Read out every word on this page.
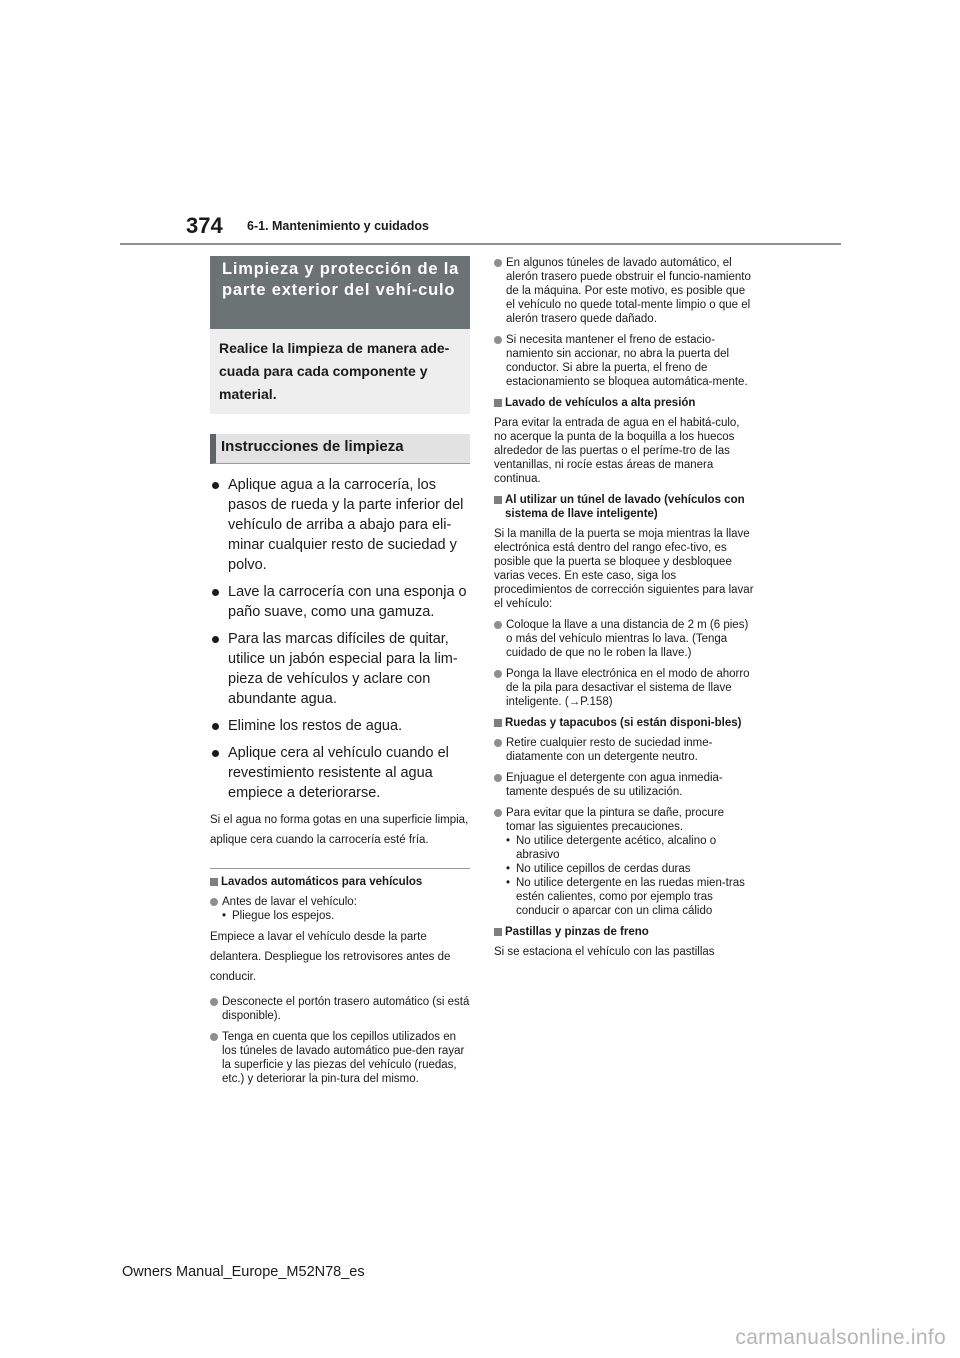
374 6-1. Mantenimiento y cuidados
Limpieza y protección de la parte exterior del vehí-culo
Realice la limpieza de manera ade-cuada para cada componente y material.
Instrucciones de limpieza
Aplique agua a la carrocería, los pasos de rueda y la parte inferior del vehículo de arriba a abajo para eli-minar cualquier resto de suciedad y polvo.
Lave la carrocería con una esponja o paño suave, como una gamuza.
Para las marcas difíciles de quitar, utilice un jabón especial para la lim-pieza de vehículos y aclare con abundante agua.
Elimine los restos de agua.
Aplique cera al vehículo cuando el revestimiento resistente al agua empiece a deteriorarse.
Si el agua no forma gotas en una superficie limpia, aplique cera cuando la carrocería esté fría.
Lavados automáticos para vehículos
Antes de lavar el vehículo:
• Pliegue los espejos.
Empiece a lavar el vehículo desde la parte delantera. Despliegue los retrovisores antes de conducir.
Desconecte el portón trasero automático (si está disponible).
Tenga en cuenta que los cepillos utilizados en los túneles de lavado automático pue-den rayar la superficie y las piezas del vehículo (ruedas, etc.) y deteriorar la pin-tura del mismo.
En algunos túneles de lavado automático, el alerón trasero puede obstruir el funcio-namiento de la máquina. Por este motivo, es posible que el vehículo no quede total-mente limpio o que el alerón trasero quede dañado.
Si necesita mantener el freno de estacio-namiento sin accionar, no abra la puerta del conductor. Si abre la puerta, el freno de estacionamiento se bloquea automática-mente.
Lavado de vehículos a alta presión
Para evitar la entrada de agua en el habitá-culo, no acerque la punta de la boquilla a los huecos alrededor de las puertas o el períme-tro de las ventanillas, ni rocíe estas áreas de manera continua.
Al utilizar un túnel de lavado (vehículos con sistema de llave inteligente)
Si la manilla de la puerta se moja mientras la llave electrónica está dentro del rango efec-tivo, es posible que la puerta se bloquee y desbloquee varias veces. En este caso, siga los procedimientos de corrección siguientes para lavar el vehículo:
Coloque la llave a una distancia de 2 m (6 pies) o más del vehículo mientras lo lava. (Tenga cuidado de que no le roben la llave.)
Ponga la llave electrónica en el modo de ahorro de la pila para desactivar el sistema de llave inteligente. (→P.158)
Ruedas y tapacubos (si están disponi-bles)
Retire cualquier resto de suciedad inme-diatamente con un detergente neutro.
Enjuague el detergente con agua inmedia-tamente después de su utilización.
Para evitar que la pintura se dañe, procure tomar las siguientes precauciones.
• No utilice detergente acético, alcalino o abrasivo
• No utilice cepillos de cerdas duras
• No utilice detergente en las ruedas mien-tras estén calientes, como por ejemplo tras conducir o aparcar con un clima cálido
Pastillas y pinzas de freno
Si se estaciona el vehículo con las pastillas
Owners Manual_Europe_M52N78_es
carmanualsonline.info
